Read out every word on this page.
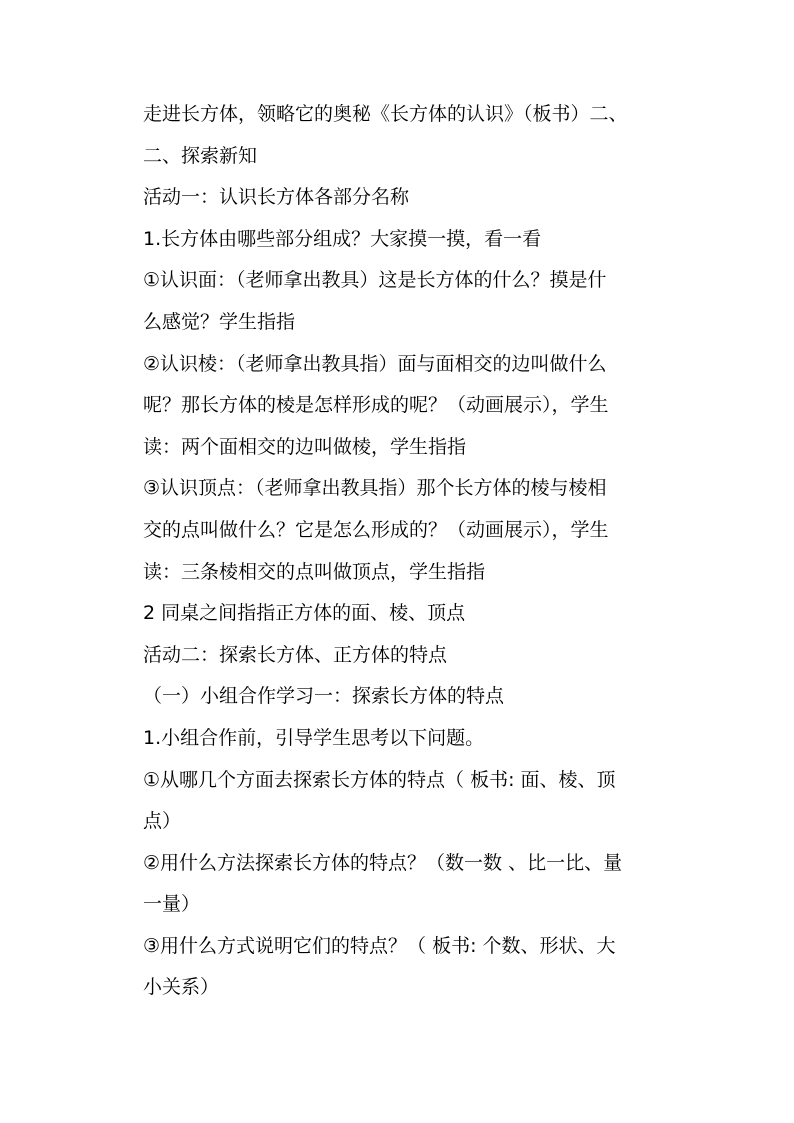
走进长方体，领略它的奥秘《长方体的认识》（板书）二、
二、探索新知
活动一：认识长方体各部分名称
1.长方体由哪些部分组成？大家摸一摸，看一看
①认识面：（老师拿出教具）这是长方体的什么？摸是什
么感觉？学生指指
②认识棱：（老师拿出教具指）面与面相交的边叫做什么
呢？那长方体的棱是怎样形成的呢？（动画展示），学生
读：两个面相交的边叫做棱，学生指指
③认识顶点：（老师拿出教具指）那个长方体的棱与棱相
交的点叫做什么？它是怎么形成的？（动画展示），学生
读：三条棱相交的点叫做顶点，学生指指
2 同桌之间指指正方体的面、棱、顶点
活动二：探索长方体、正方体的特点
（一）小组合作学习一：探索长方体的特点
1.小组合作前，引导学生思考以下问题。
①从哪几个方面去探索长方体的特点（ 板书: 面、棱、顶
点）
②用什么方法探索长方体的特点？（数一数 、比一比、量
一量）
③用什么方式说明它们的特点？（ 板书: 个数、形状、大
小关系）
